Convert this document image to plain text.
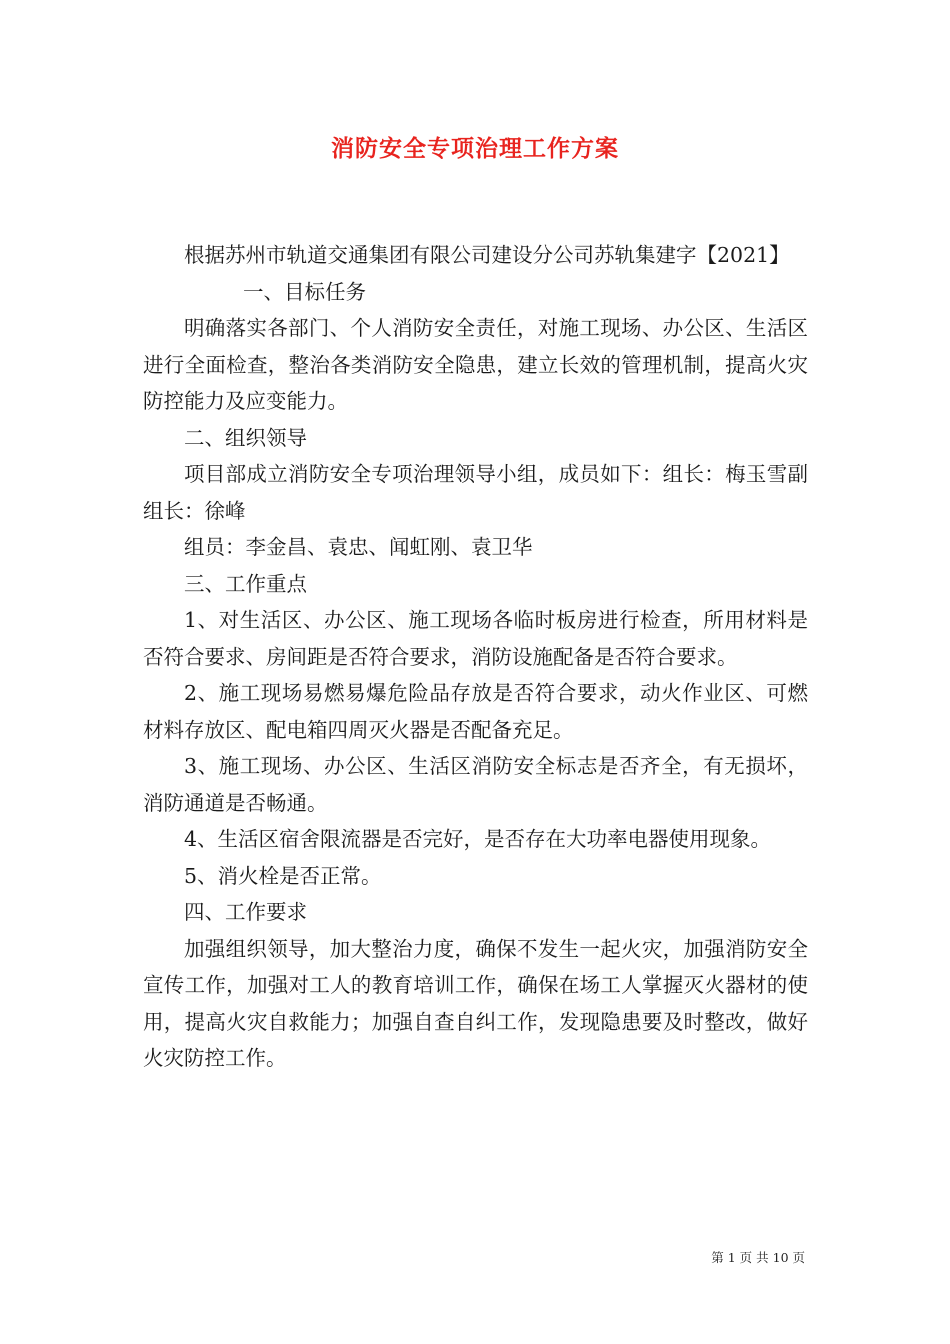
消防安全专项治理工作方案

根据苏州市轨道交通集团有限公司建设分公司苏轨集建字【2021】

一、目标任务

明确落实各部门、个人消防安全责任，对施工现场、办公区、生活区进行全面检查，整治各类消防安全隐患，建立长效的管理机制，提高火灾防控能力及应变能力。

二、组织领导

项目部成立消防安全专项治理领导小组，成员如下：组长：梅玉雪副组长：徐峰

组员：李金昌、袁忠、闻虹刚、袁卫华

三、工作重点

1、对生活区、办公区、施工现场各临时板房进行检查，所用材料是否符合要求、房间距是否符合要求，消防设施配备是否符合要求。

2、施工现场易燃易爆危险品存放是否符合要求，动火作业区、可燃材料存放区、配电箱四周灭火器是否配备充足。

3、施工现场、办公区、生活区消防安全标志是否齐全，有无损坏，消防通道是否畅通。

4、生活区宿舍限流器是否完好，是否存在大功率电器使用现象。

5、消火栓是否正常。

四、工作要求

加强组织领导，加大整治力度，确保不发生一起火灾，加强消防安全宣传工作，加强对工人的教育培训工作，确保在场工人掌握灭火器材的使用，提高火灾自救能力；加强自查自纠工作，发现隐患要及时整改，做好火灾防控工作。

第 1 页 共 10 页
